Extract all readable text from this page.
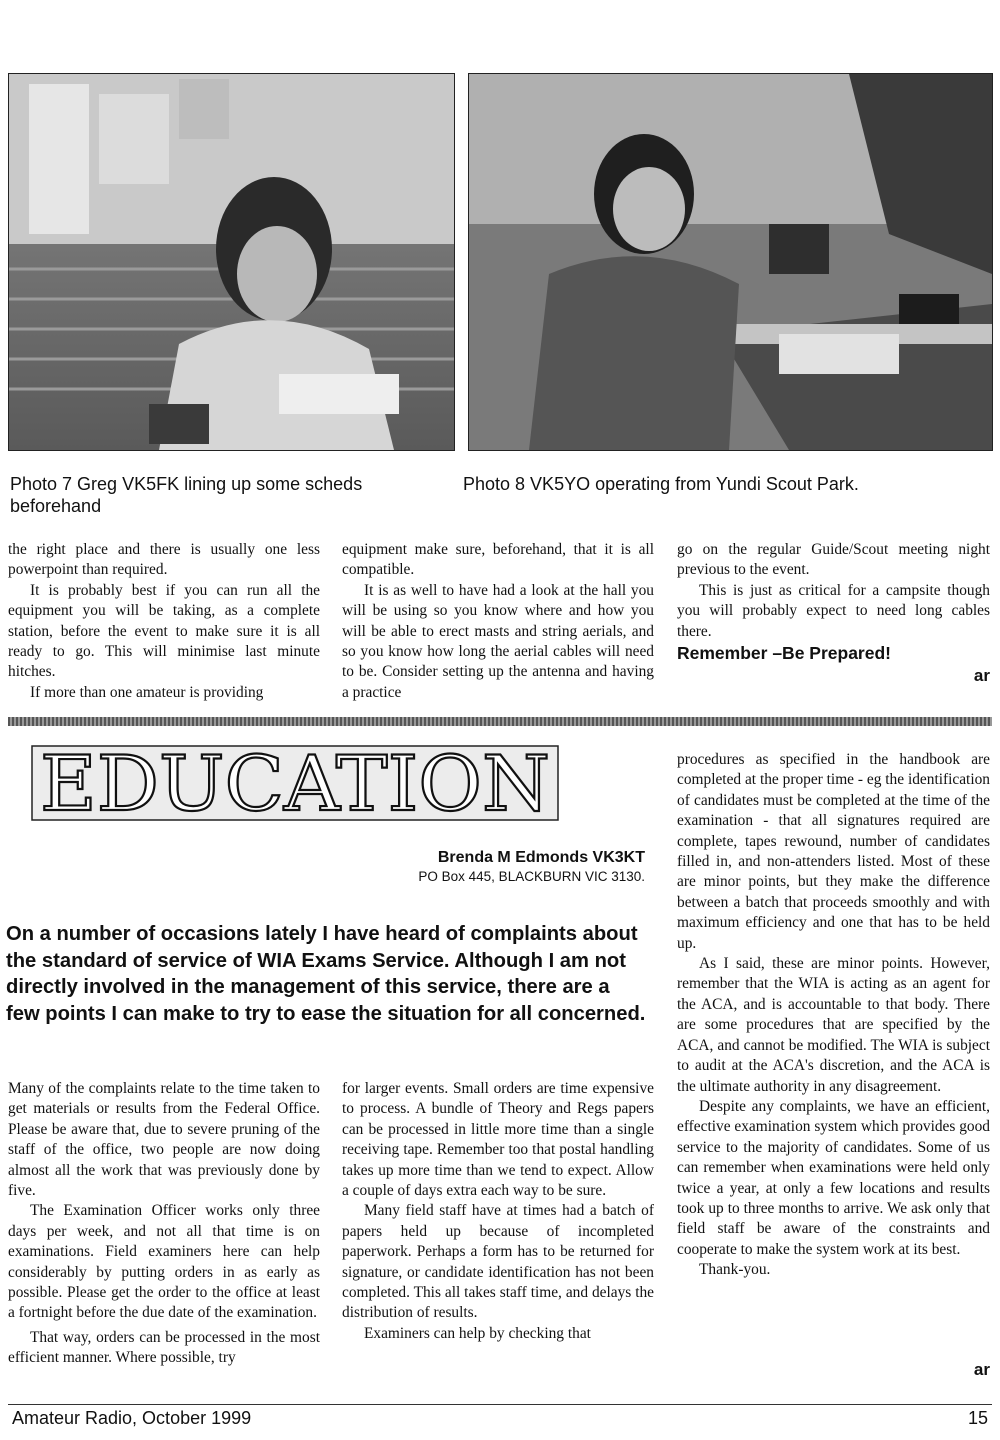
Photo 7 Greg VK5FK lining up some scheds beforehand
Photo 8 VK5YO operating from Yundi Scout Park.

the right place and there is usually one less powerpoint than required.

It is probably best if you can run all the equipment you will be taking, as a complete station, before the event to make sure it is all ready to go. This will minimise last minute hitches.

If more than one amateur is providing

equipment make sure, beforehand, that it is all compatible.

It is as well to have had a look at the hall you will be using so you know where and how you will be able to erect masts and string aerials, and so you know how long the aerial cables will need to be. Consider setting up the antenna and having a practice

go on the regular Guide/Scout meeting night previous to the event.

This is just as critical for a campsite though you will probably expect to need long cables there.

Remember –Be Prepared!
ar
EDUCATION
Brenda M Edmonds VK3KT
PO Box 445, BLACKBURN VIC 3130.
On a number of occasions lately I have heard of complaints about the standard of service of WIA Exams Service. Although I am not directly involved in the management of this service, there are a few points I can make to try to ease the situation for all concerned.

Many of the complaints relate to the time taken to get materials or results from the Federal Office. Please be aware that, due to severe pruning of the staff of the office, two people are now doing almost all the work that was previously done by five.

The Examination Officer works only three days per week, and not all that time is on examinations. Field examiners here can help considerably by putting orders in as early as possible. Please get the order to the office at least a fortnight before the due date of the examination.

That way, orders can be processed in the most efficient manner. Where possible, try

for larger events. Small orders are time expensive to process. A bundle of Theory and Regs papers can be processed in little more time than a single receiving tape. Remember too that postal handling takes up more time than we tend to expect. Allow a couple of days extra each way to be sure.

Many field staff have at times had a batch of papers held up because of incompleted paperwork. Perhaps a form has to be returned for signature, or candidate identification has not been completed. This all takes staff time, and delays the distribution of results.

Examiners can help by checking that

procedures as specified in the handbook are completed at the proper time - eg the identification of candidates must be completed at the time of the examination - that all signatures required are complete, tapes rewound, number of candidates filled in, and non-attenders listed. Most of these are minor points, but they make the difference between a batch that proceeds smoothly and with maximum efficiency and one that has to be held up.

As I said, these are minor points. However, remember that the WIA is acting as an agent for the ACA, and is accountable to that body. There are some procedures that are specified by the ACA, and cannot be modified. The WIA is subject to audit at the ACA's discretion, and the ACA is the ultimate authority in any disagreement.

Despite any complaints, we have an efficient, effective examination system which provides good service to the majority of candidates. Some of us can remember when examinations were held only twice a year, at only a few locations and results took up to three months to arrive. We ask only that field staff be aware of the constraints and cooperate to make the system work at its best.

Thank-you.

ar
Amateur Radio, October 1999	15
